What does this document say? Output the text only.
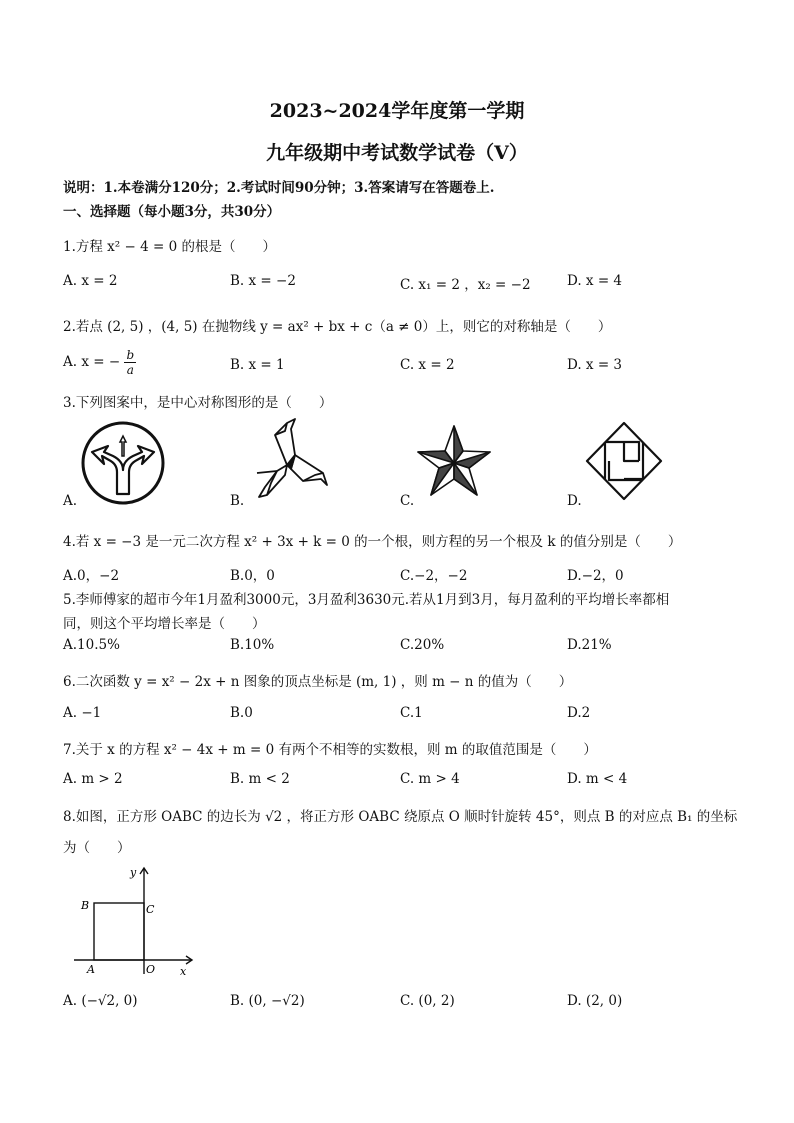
2023~2024学年度第一学期
九年级期中考试数学试卷（V）
说明：1.本卷满分120分；2.考试时间90分钟；3.答案请写在答题卷上.
一、选择题（每小题3分，共30分）
1.方程 x² − 4 = 0 的根是（　　）
A. x = 2	B. x = −2	C. x₁ = 2 ，x₂ = −2	D. x = 4
2.若点 (2, 5) ，(4, 5) 在抛物线 y = ax² + bx + c（a ≠ 0）上，则它的对称轴是（　　）
A. x = − $\frac{b}{a}$	B. x = 1	C. x = 2	D. x = 3
3.下列图案中，是中心对称图形的是（　　）
A.	B.	C.	D.
4.若 x = −3 是一元二次方程 x² + 3x + k = 0 的一个根，则方程的另一个根及 k 的值分别是（　　）
A.0，−2	B.0，0	C.−2，−2	D.−2，0
5.李师傅家的超市今年1月盈利3000元，3月盈利3630元.若从1月到3月，每月盈利的平均增长率都相
同，则这个平均增长率是（　　）
A.10.5%	B.10%	C.20%	D.21%
6.二次函数 y = x² − 2x + n 图象的顶点坐标是 (m, 1) ，则 m − n 的值为（　　）
A. −1	B.0	C.1	D.2
7.关于 x 的方程 x² − 4x + m = 0 有两个不相等的实数根，则 m 的取值范围是（　　）
A. m > 2	B. m < 2	C. m > 4	D. m < 4
8.如图，正方形 OABC 的边长为 √2 ，将正方形 OABC 绕原点 O 顺时针旋转 45°，则点 B 的对应点 B₁ 的坐标
为（　　）
y
x
B	C
A	O
A. (−√2, 0)	B. (0, −√2)	C. (0, 2)	D. (2, 0)
